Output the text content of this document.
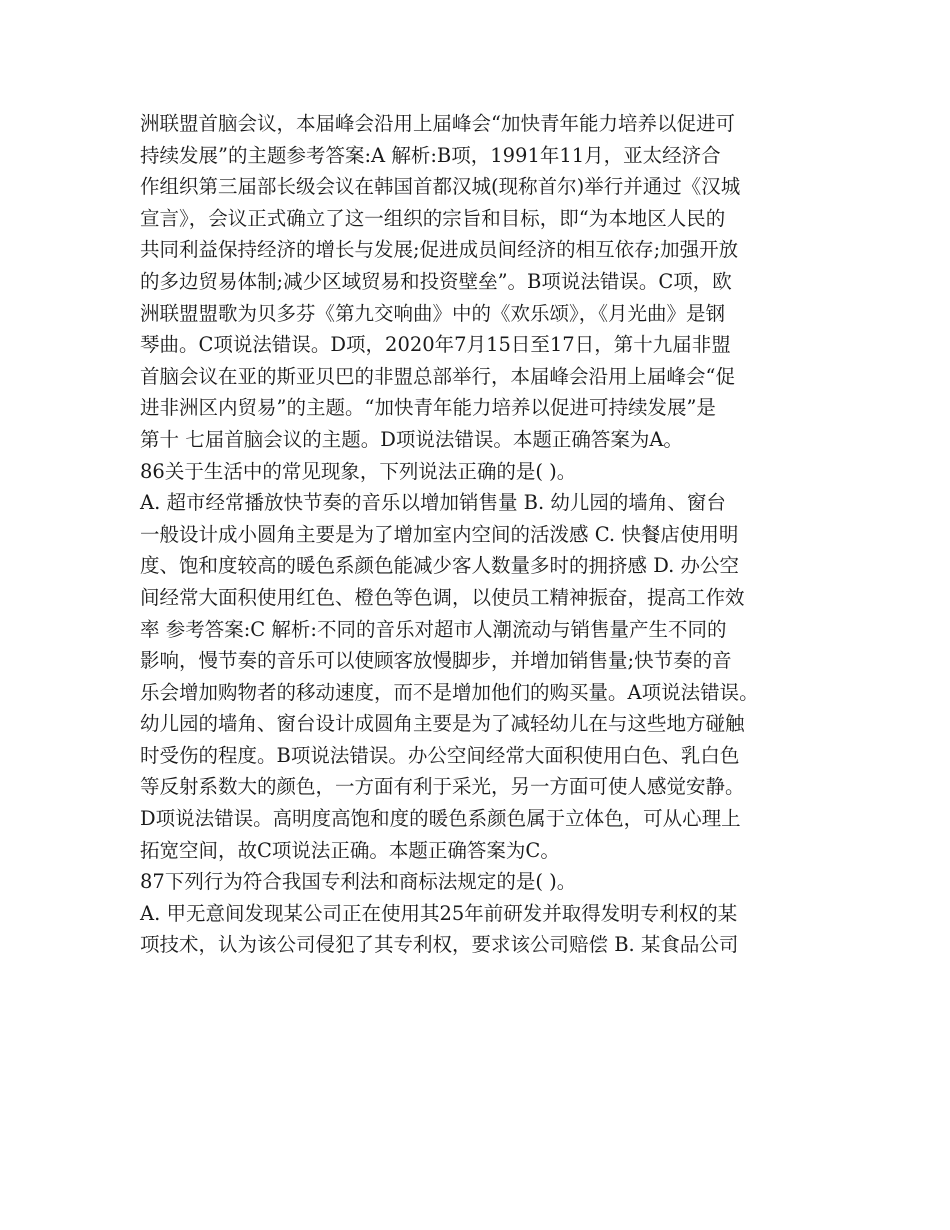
洲联盟首脑会议，本届峰会沿用上届峰会“加快青年能力培养以促进可
持续发展”的主题参考答案:A 解析:B项，1991年11月，亚太经济合
作组织第三届部长级会议在韩国首都汉城(现称首尔)举行并通过《汉城
宣言》，会议正式确立了这一组织的宗旨和目标，即“为本地区人民的
共同利益保持经济的增长与发展;促进成员间经济的相互依存;加强开放
的多边贸易体制;减少区域贸易和投资壁垒”。B项说法错误。C项，欧
洲联盟盟歌为贝多芬《第九交响曲》中的《欢乐颂》，《月光曲》是钢
琴曲。C项说法错误。D项，2020年7月15日至17日，第十九届非盟
首脑会议在亚的斯亚贝巴的非盟总部举行，本届峰会沿用上届峰会“促
进非洲区内贸易”的主题。“加快青年能力培养以促进可持续发展”是
第十 七届首脑会议的主题。D项说法错误。本题正确答案为A。
86关于生活中的常见现象，下列说法正确的是( )。
A. 超市经常播放快节奏的音乐以增加销售量 B. 幼儿园的墙角、窗台
一般设计成小圆角主要是为了增加室内空间的活泼感 C. 快餐店使用明
度、饱和度较高的暖色系颜色能减少客人数量多时的拥挤感 D. 办公空
间经常大面积使用红色、橙色等色调，以使员工精神振奋，提高工作效
率 参考答案:C 解析:不同的音乐对超市人潮流动与销售量产生不同的
影响，慢节奏的音乐可以使顾客放慢脚步，并增加销售量;快节奏的音
乐会增加购物者的移动速度，而不是增加他们的购买量。A项说法错误。
幼儿园的墙角、窗台设计成圆角主要是为了减轻幼儿在与这些地方碰触
时受伤的程度。B项说法错误。办公空间经常大面积使用白色、乳白色
等反射系数大的颜色，一方面有利于采光，另一方面可使人感觉安静。
D项说法错误。高明度高饱和度的暖色系颜色属于立体色，可从心理上
拓宽空间，故C项说法正确。本题正确答案为C。
87下列行为符合我国专利法和商标法规定的是( )。
A. 甲无意间发现某公司正在使用其25年前研发并取得发明专利权的某
项技术，认为该公司侵犯了其专利权，要求该公司赔偿 B. 某食品公司
